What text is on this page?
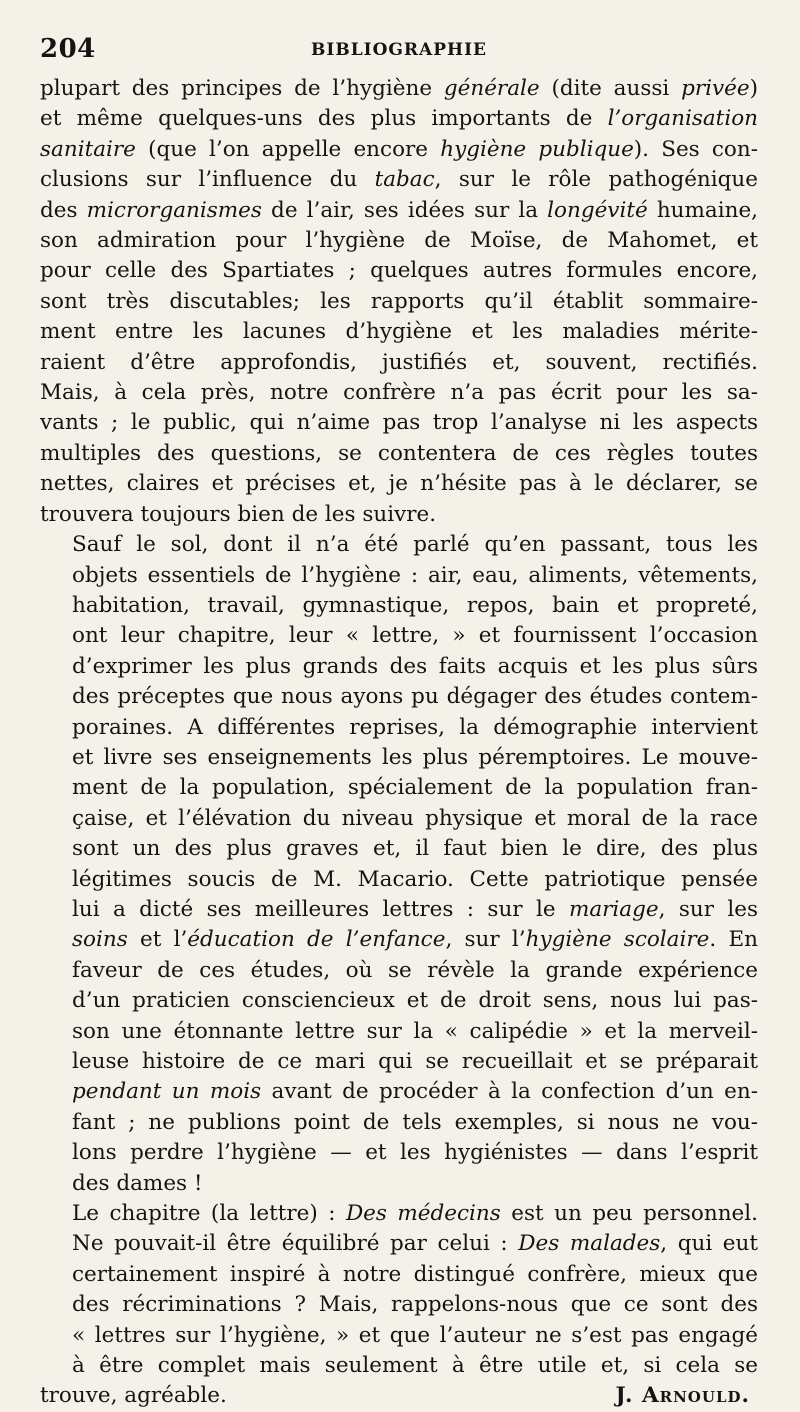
204	BIBLIOGRAPHIE

plupart des principes de l’hygiène générale (dite aussi privée)
et même quelques-uns des plus importants de l’organisation
sanitaire (que l’on appelle encore hygiène publique). Ses con-
clusions sur l’influence du tabac, sur le rôle pathogénique
des microrganismes de l’air, ses idées sur la longévité humaine,
son admiration pour l’hygiène de Moïse, de Mahomet, et
pour celle des Spartiates ; quelques autres formules encore,
sont très discutables; les rapports qu’il établit sommaire-
ment entre les lacunes d’hygiène et les maladies mérite-
raient d’être approfondis, justifiés et, souvent, rectifiés.
Mais, à cela près, notre confrère n’a pas écrit pour les sa-
vants ; le public, qui n’aime pas trop l’analyse ni les aspects
multiples des questions, se contentera de ces règles toutes
nettes, claires et précises et, je n’hésite pas à le déclarer, se
trouvera toujours bien de les suivre.

Sauf le sol, dont il n’a été parlé qu’en passant, tous les
objets essentiels de l’hygiène : air, eau, aliments, vêtements,
habitation, travail, gymnastique, repos, bain et propreté,
ont leur chapitre, leur « lettre, » et fournissent l’occasion
d’exprimer les plus grands des faits acquis et les plus sûrs
des préceptes que nous ayons pu dégager des études contem-
poraines. A différentes reprises, la démographie intervient
et livre ses enseignements les plus péremptoires. Le mouve-
ment de la population, spécialement de la population fran-
çaise, et l’élévation du niveau physique et moral de la race
sont un des plus graves et, il faut bien le dire, des plus
légitimes soucis de M. Macario. Cette patriotique pensée
lui a dicté ses meilleures lettres : sur le mariage, sur les
soins et l’éducation de l’enfance, sur l’hygiène scolaire. En
faveur de ces études, où se révèle la grande expérience
d’un praticien consciencieux et de droit sens, nous lui pas-
son une étonnante lettre sur la « calipédie » et la merveil-
leuse histoire de ce mari qui se recueillait et se préparait
pendant un mois avant de procéder à la confection d’un en-
fant ; ne publions point de tels exemples, si nous ne vou-
lons perdre l’hygiène — et les hygiénistes — dans l’esprit
des dames !

Le chapitre (la lettre) : Des médecins est un peu personnel.
Ne pouvait-il être équilibré par celui : Des malades, qui eut
certainement inspiré à notre distingué confrère, mieux que
des récriminations ? Mais, rappelons-nous que ce sont des
« lettres sur l’hygiène, » et que l’auteur ne s’est pas engagé
à être complet mais seulement à être utile et, si cela se

trouve, agréable.	J. Arnould.
